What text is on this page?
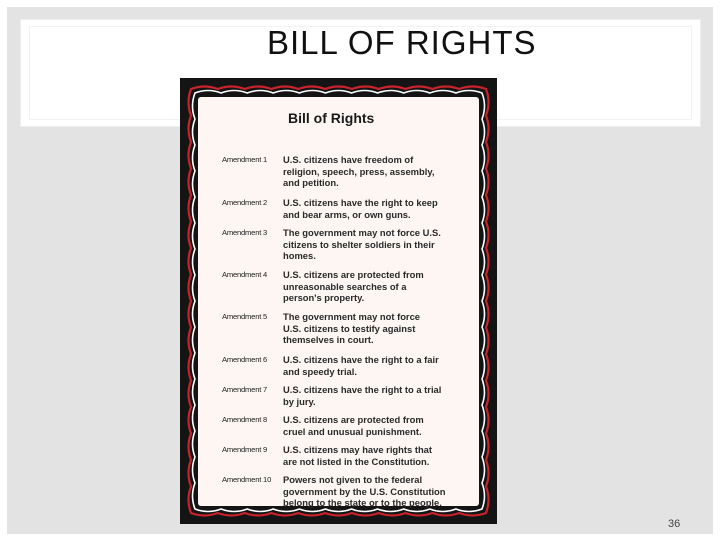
BILL OF RIGHTS
Bill of Rights
Amendment 1	U.S. citizens have freedom of
religion, speech, press, assembly,
and petition.
Amendment 2	U.S. citizens have the right to keep
and bear arms, or own guns.
Amendment 3	The government may not force U.S.
citizens to shelter soldiers in their
homes.
Amendment 4	U.S. citizens are protected from
unreasonable searches of a
person's property.
Amendment 5	The government may not force
U.S. citizens to testify against
themselves in court.
Amendment 6	U.S. citizens have the right to a fair
and speedy trial.
Amendment 7	U.S. citizens have the right to a trial
by jury.
Amendment 8	U.S. citizens are protected from
cruel and unusual punishment.
Amendment 9	U.S. citizens may have rights that
are not listed in the Constitution.
Amendment 10	Powers not given to the federal
government by the U.S. Constitution
belong to the state or to the people.
36
